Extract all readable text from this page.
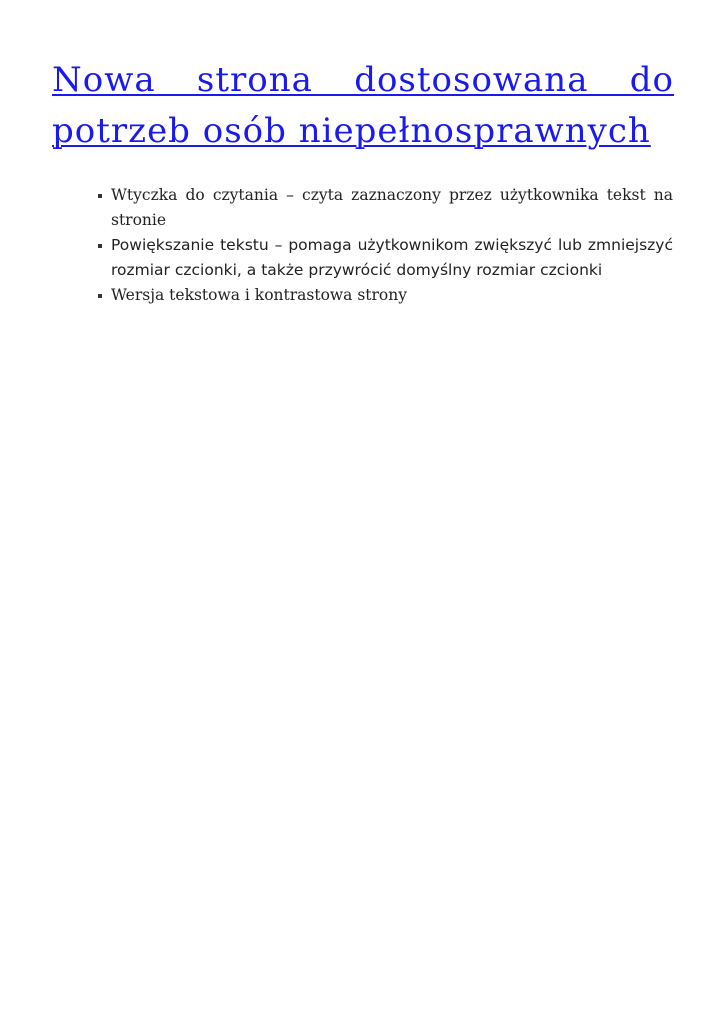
Nowa strona dostosowana do potrzeb osób niepełnosprawnych
Wtyczka do czytania – czyta zaznaczony przez użytkownika tekst na stronie
Powiększanie tekstu – pomaga użytkownikom zwiększyć lub zmniejszyć rozmiar czcionki, a także przywrócić domyślny rozmiar czcionki
Wersja tekstowa i kontrastowa strony
